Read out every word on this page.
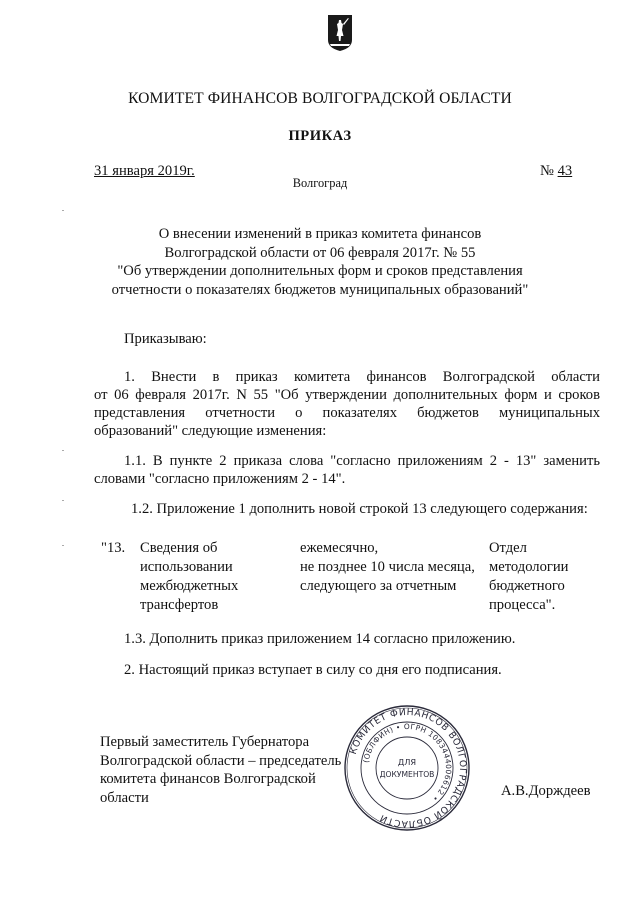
КОМИТЕТ ФИНАНСОВ ВОЛГОГРАДСКОЙ ОБЛАСТИ
ПРИКАЗ
31 января 2019г.	№ 43
Волгоград
О внесении изменений в приказ комитета финансов
Волгоградской области от 06 февраля 2017г. № 55
"Об утверждении дополнительных форм и сроков представления
отчетности о показателях бюджетов муниципальных образований"
Приказываю:
1. Внести в приказ комитета финансов Волгоградской области
от 06 февраля 2017г. N 55 "Об утверждении дополнительных форм и сроков
представления отчетности о показателях бюджетов муниципальных
образований" следующие изменения:
1.1. В пункте 2 приказа слова "согласно приложениям 2 - 13" заменить
словами "согласно приложениям 2 - 14".
1.2. Приложение 1 дополнить новой строкой 13 следующего содержания:
"13. Сведения об
использовании
межбюджетных
трансфертов
ежемесячно,
не позднее 10 числа месяца,
следующего за отчетным
Отдел
методологии
бюджетного
процесса".
1.3. Дополнить приказ приложением 14 согласно приложению.
2. Настоящий приказ вступает в силу со дня его подписания.
Первый заместитель Губернатора
Волгоградской области – председатель
комитета финансов Волгоградской
области	А.В.Дорждеев
КОМИТЕТ ФИНАНСОВ ВОЛГОГРАДСКОЙ ОБЛАСТИ
(ОБЛФИН) • ОГРН 1083444006612 •
ДЛЯ
ДОКУМЕНТОВ
